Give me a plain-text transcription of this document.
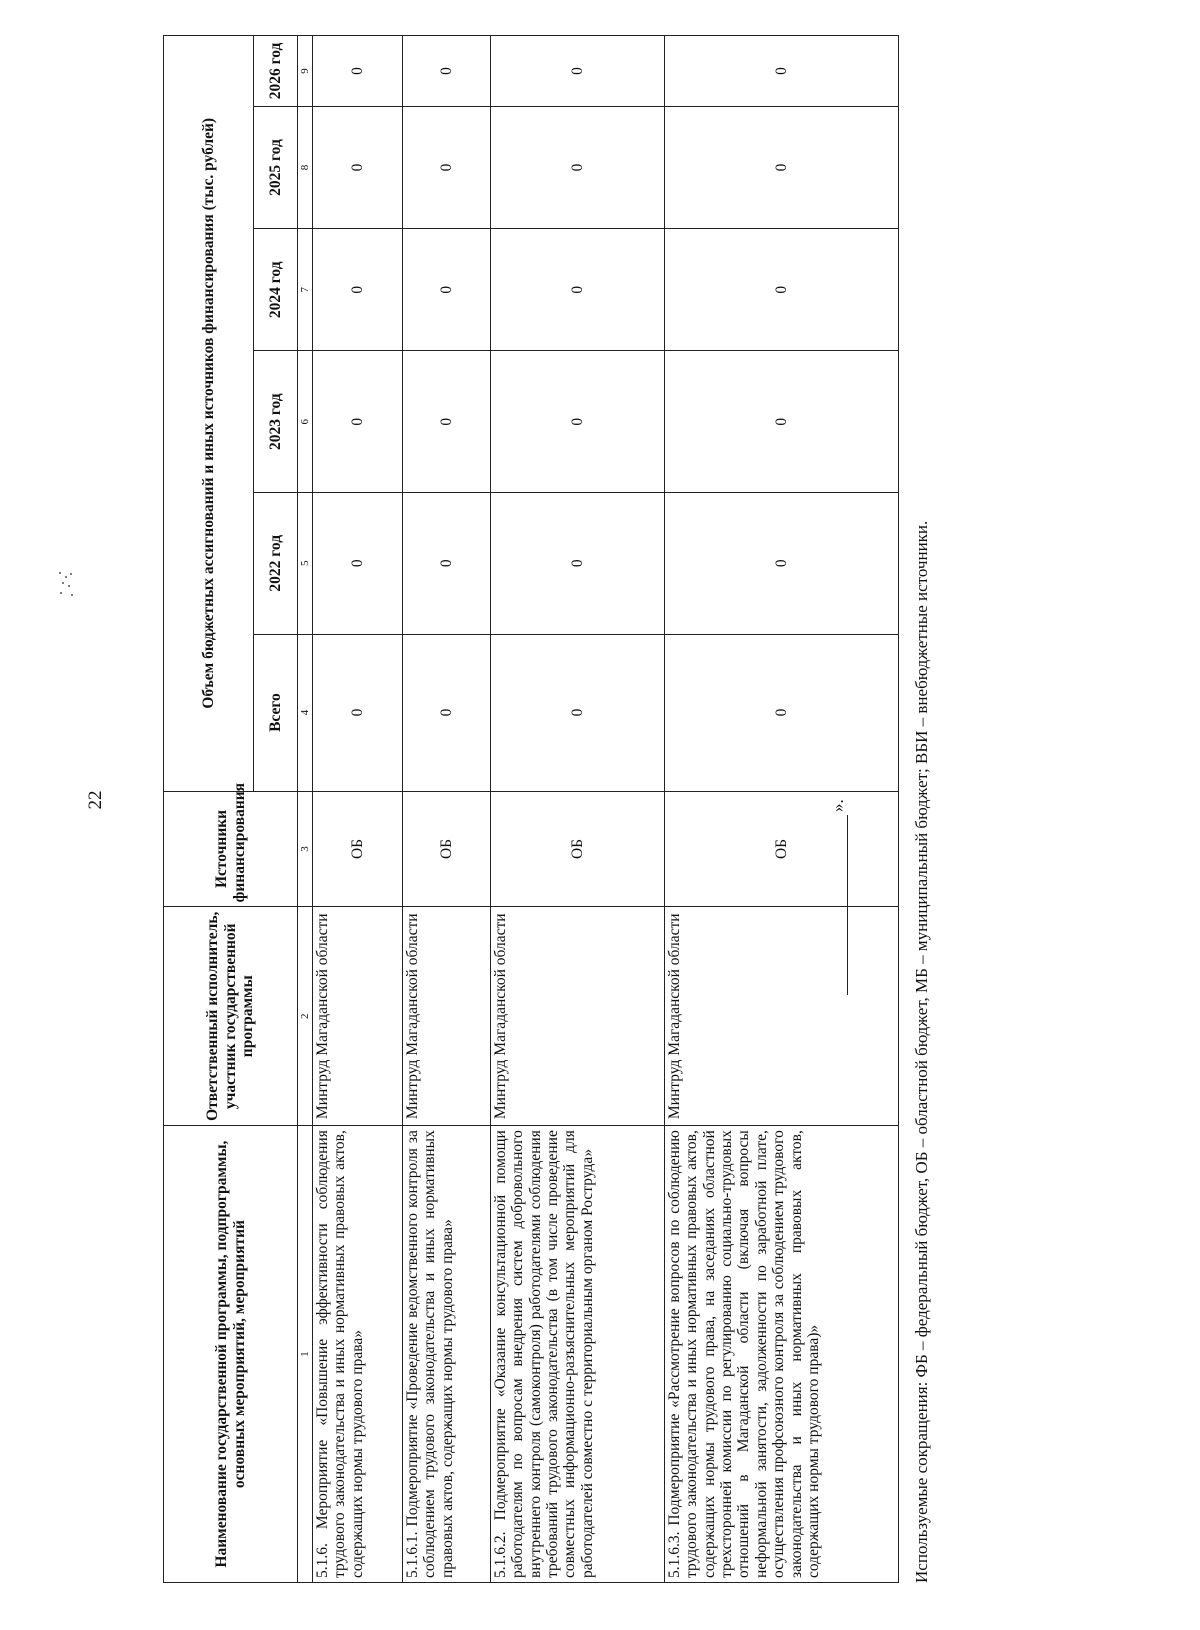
22
Наименование государственной программы, подпрограммы, основных мероприятий, мероприятий	Ответственный исполнитель, участник государственной программы	Источники финансирования	Объем бюджетных ассигнований и иных источников финансирования (тыс. рублей)					
			Всего	2022 год	2023 год	2024 год	2025 год	2026 год
1	2	3	4	5	6	7	8	9
5.1.6. Мероприятие «Повышение эффективности соблюдения трудового законодательства и иных нормативных правовых актов, содержащих нормы трудового права»	Минтруд Магаданской области	ОБ	0	0	0	0	0	0
5.1.6.1. Подмероприятие «Проведение ведомственного контроля за соблюдением трудового законодательства и иных нормативных правовых актов, содержащих нормы трудового права»	Минтруд Магаданской области	ОБ	0	0	0	0	0	0
5.1.6.2. Подмероприятие «Оказание консультационной помощи работодателям по вопросам внедрения систем добровольного внутреннего контроля (самоконтроля) работодателями соблюдения требований трудового законодательства (в том числе проведение совместных информационно-разъяснительных мероприятий для работодателей совместно с территориальным органом Роструда»	Минтруд Магаданской области	ОБ	0	0	0	0	0	0
5.1.6.3. Подмероприятие «Рассмотрение вопросов по соблюдению трудового законодательства и иных нормативных правовых актов, содержащих нормы трудового права, на заседаниях областной трехсторонней комиссии по регулированию социально-трудовых отношений в Магаданской области (включая вопросы неформальной занятости, задолженности по заработной плате, осуществления профсоюзного контроля за соблюдением трудового законодательства и иных нормативных правовых актов, содержащих нормы трудового права)»	Минтруд Магаданской области	ОБ	0	0	0	0	0	0
».	Используемые сокращения: ФБ – федеральный бюджет, ОБ – областной бюджет, МБ – муниципальный бюджет; ВБИ – внебюджетные источники.
